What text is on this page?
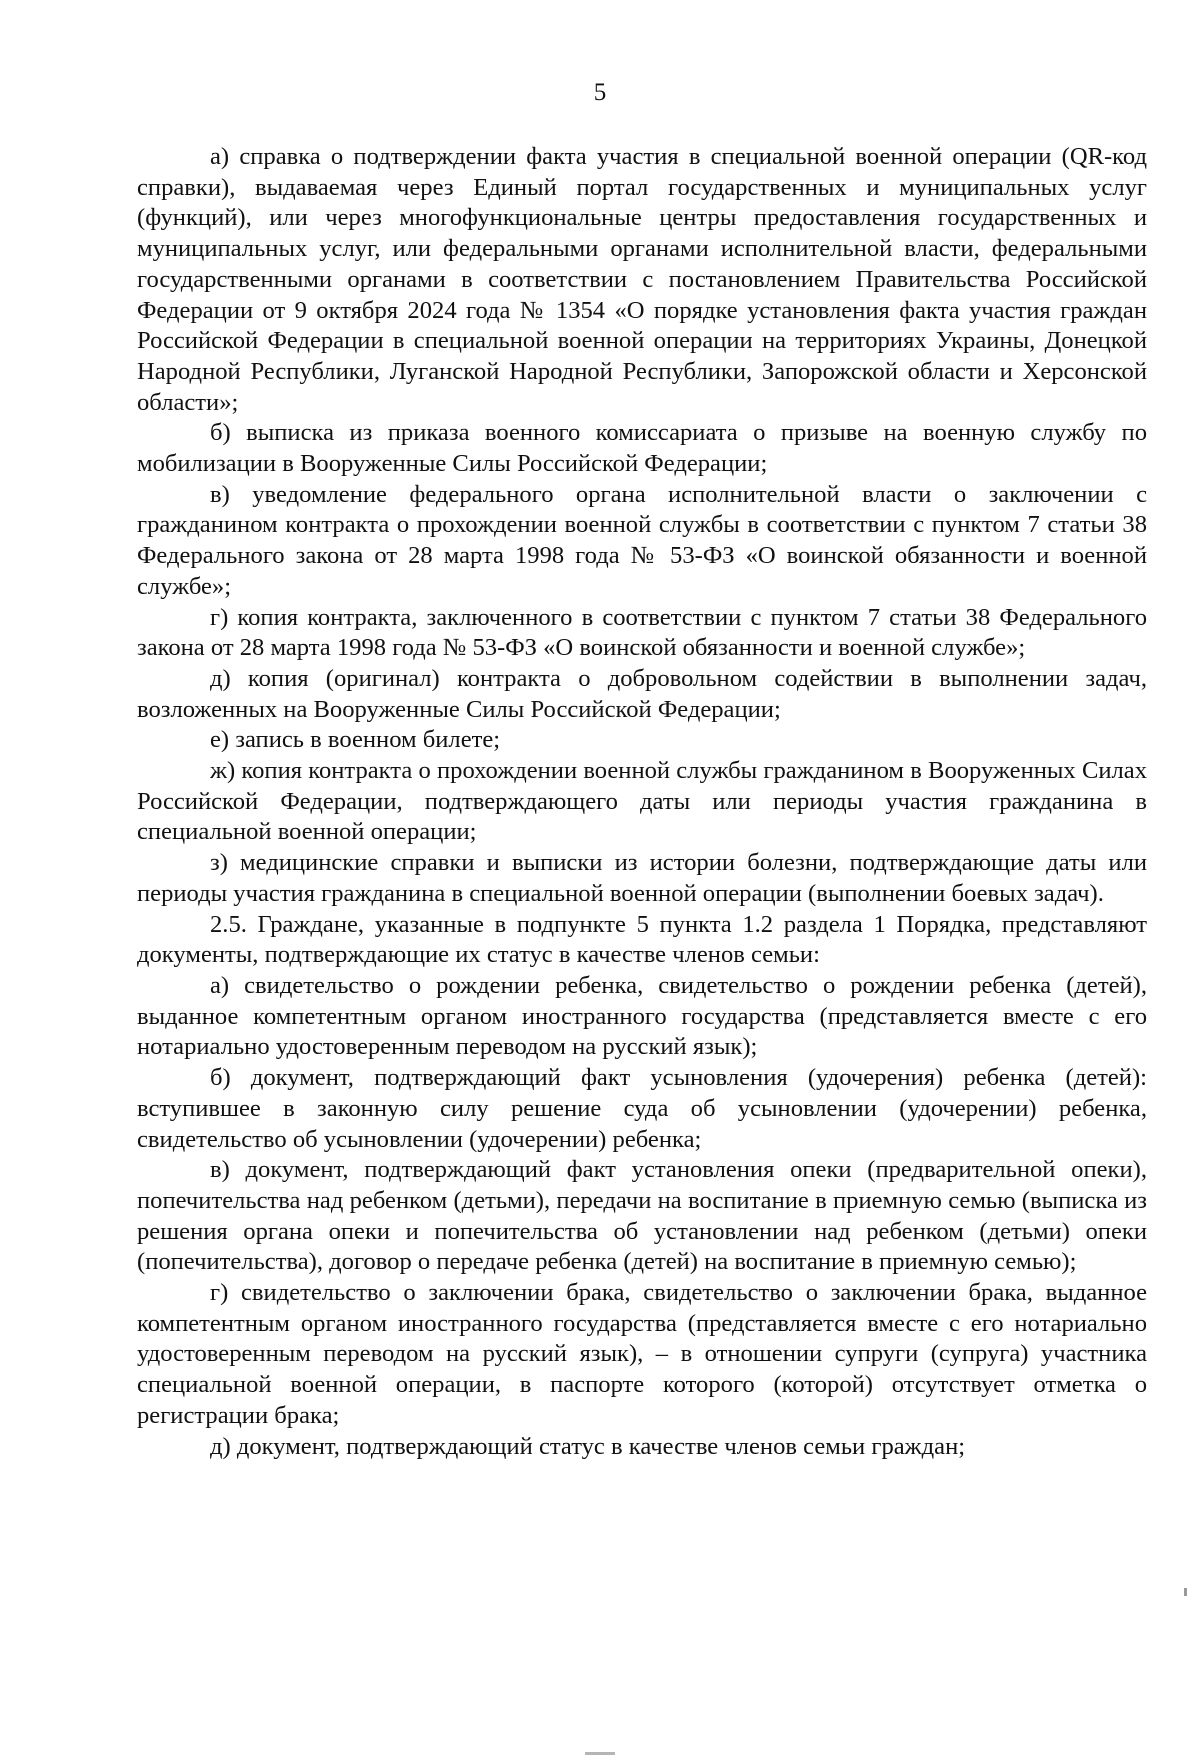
5

а) справка о подтверждении факта участия в специальной военной операции (QR-код справки), выдаваемая через Единый портал государственных и муниципальных услуг (функций), или через многофункциональные центры предоставления государственных и муниципальных услуг, или федеральными органами исполнительной власти, федеральными государственными органами в соответствии с постановлением Правительства Российской Федерации от 9 октября 2024 года № 1354 «О порядке установления факта участия граждан Российской Федерации в специальной военной операции на территориях Украины, Донецкой Народной Республики, Луганской Народной Республики, Запорожской области и Херсонской области»;

б) выписка из приказа военного комиссариата о призыве на военную службу по мобилизации в Вооруженные Силы Российской Федерации;

в) уведомление федерального органа исполнительной власти о заключении с гражданином контракта о прохождении военной службы в соответствии с пунктом 7 статьи 38 Федерального закона от 28 марта 1998 года № 53-ФЗ «О воинской обязанности и военной службе»;

г) копия контракта, заключенного в соответствии с пунктом 7 статьи 38 Федерального закона от 28 марта 1998 года № 53-ФЗ «О воинской обязанности и военной службе»;

д) копия (оригинал) контракта о добровольном содействии в выполнении задач, возложенных на Вооруженные Силы Российской Федерации;

е) запись в военном билете;

ж) копия контракта о прохождении военной службы гражданином в Вооруженных Силах Российской Федерации, подтверждающего даты или периоды участия гражданина в специальной военной операции;

з) медицинские справки и выписки из истории болезни, подтверждающие даты или периоды участия гражданина в специальной военной операции (выполнении боевых задач).

2.5. Граждане, указанные в подпункте 5 пункта 1.2 раздела 1 Порядка, представляют документы, подтверждающие их статус в качестве членов семьи:

а) свидетельство о рождении ребенка, свидетельство о рождении ребенка (детей), выданное компетентным органом иностранного государства (представляется вместе с его нотариально удостоверенным переводом на русский язык);

б) документ, подтверждающий факт усыновления (удочерения) ребенка (детей): вступившее в законную силу решение суда об усыновлении (удочерении) ребенка, свидетельство об усыновлении (удочерении) ребенка;

в) документ, подтверждающий факт установления опеки (предварительной опеки), попечительства над ребенком (детьми), передачи на воспитание в приемную семью (выписка из решения органа опеки и попечительства об установлении над ребенком (детьми) опеки (попечительства), договор о передаче ребенка (детей) на воспитание в приемную семью);

г) свидетельство о заключении брака, свидетельство о заключении брака, выданное компетентным органом иностранного государства (представляется вместе с его нотариально удостоверенным переводом на русский язык), – в отношении супруги (супруга) участника специальной военной операции, в паспорте которого (которой) отсутствует отметка о регистрации брака;

д) документ, подтверждающий статус в качестве членов семьи граждан;
